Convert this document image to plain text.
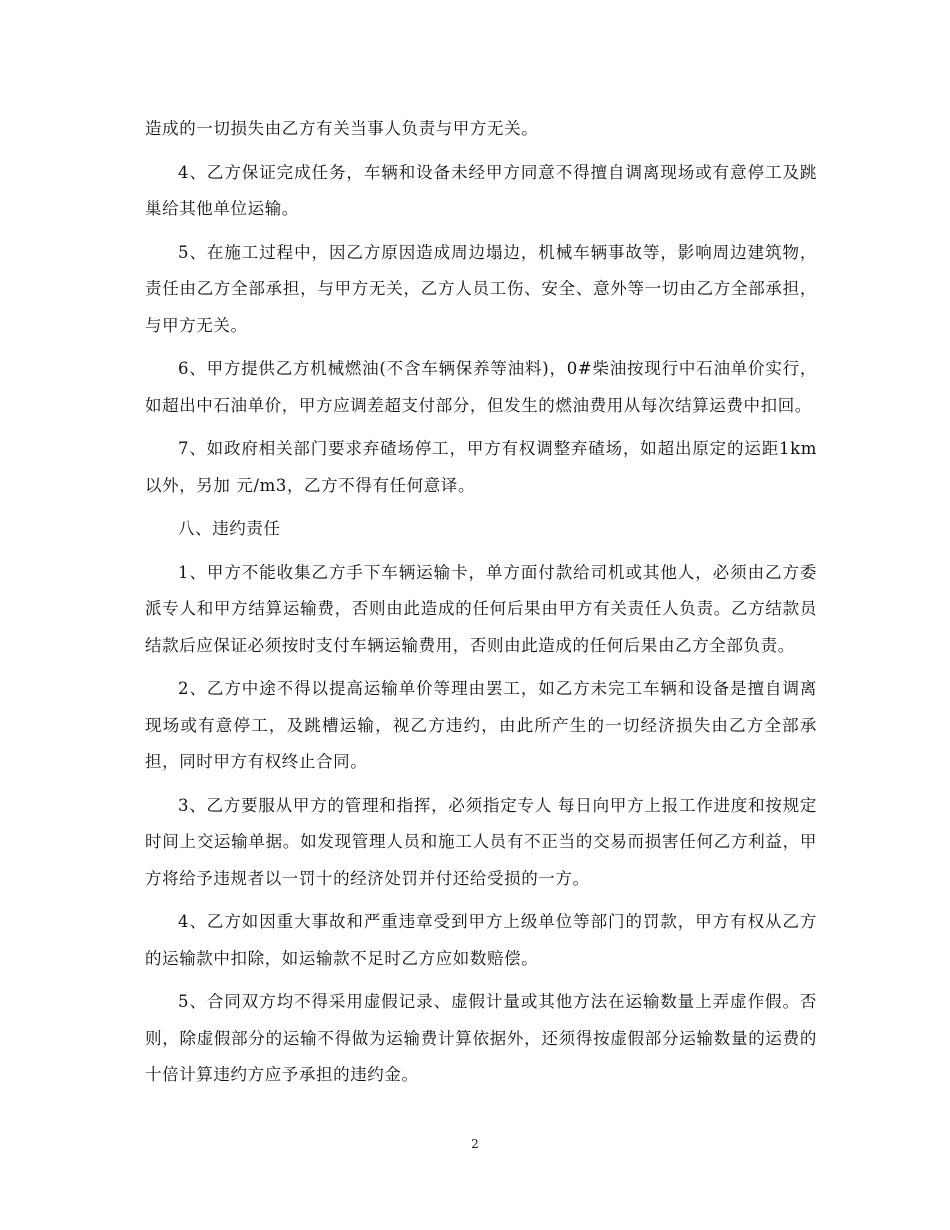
造成的一切损失由乙方有关当事人负责与甲方无关。

4、乙方保证完成任务，车辆和设备未经甲方同意不得擅自调离现场或有意停工及跳巢给其他单位运输。

5、在施工过程中，因乙方原因造成周边塌边，机械车辆事故等，影响周边建筑物，责任由乙方全部承担，与甲方无关，乙方人员工伤、安全、意外等一切由乙方全部承担，与甲方无关。

6、甲方提供乙方机械燃油(不含车辆保养等油料)，0#柴油按现行中石油单价实行，如超出中石油单价，甲方应调差超支付部分，但发生的燃油费用从每次结算运费中扣回。

7、如政府相关部门要求弃碴场停工，甲方有权调整弃碴场，如超出原定的运距1km以外，另加 元/m3，乙方不得有任何意译。

八、违约责任

1、甲方不能收集乙方手下车辆运输卡，单方面付款给司机或其他人，必须由乙方委派专人和甲方结算运输费，否则由此造成的任何后果由甲方有关责任人负责。乙方结款员结款后应保证必须按时支付车辆运输费用，否则由此造成的任何后果由乙方全部负责。

2、乙方中途不得以提高运输单价等理由罢工，如乙方未完工车辆和设备是擅自调离现场或有意停工，及跳槽运输，视乙方违约，由此所产生的一切经济损失由乙方全部承担，同时甲方有权终止合同。

3、乙方要服从甲方的管理和指挥，必须指定专人 每日向甲方上报工作进度和按规定时间上交运输单据。如发现管理人员和施工人员有不正当的交易而损害任何乙方利益，甲方将给予违规者以一罚十的经济处罚并付还给受损的一方。

4、乙方如因重大事故和严重违章受到甲方上级单位等部门的罚款，甲方有权从乙方的运输款中扣除，如运输款不足时乙方应如数赔偿。

5、合同双方均不得采用虚假记录、虚假计量或其他方法在运输数量上弄虚作假。否则，除虚假部分的运输不得做为运输费计算依据外，还须得按虚假部分运输数量的运费的十倍计算违约方应予承担的违约金。

2
